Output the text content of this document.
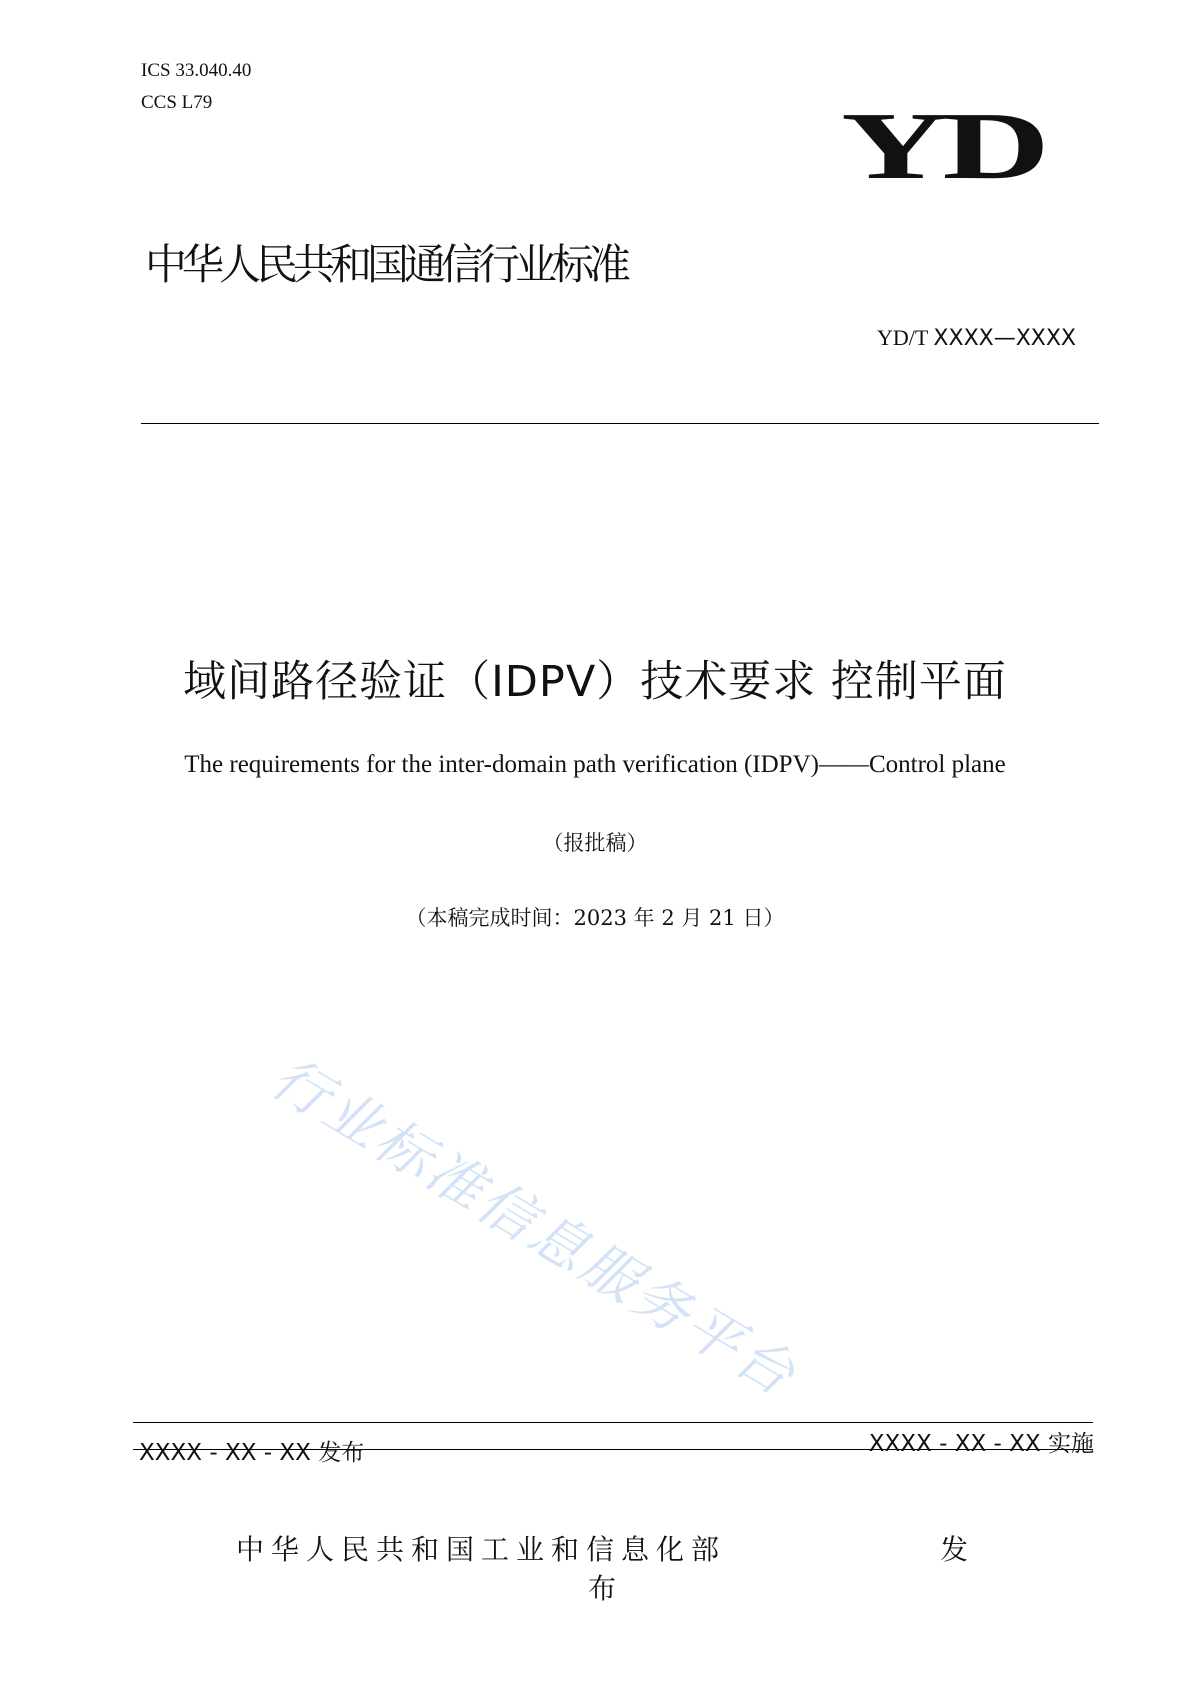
ICS 33.040.40
CCS L79	YD
中华人民共和国通信行业标准
YD/T XXXX—XXXX
域间路径验证（IDPV）技术要求 控制平面
The requirements for the inter-domain path verification (IDPV)——Control plane
（报批稿）
（本稿完成时间：2023 年 2 月 21 日）
行业标准信息服务平台
XXXX - XX - XX 发布	XXXX - XX - XX 实施
中华人民共和国工业和信息化部	发
布
